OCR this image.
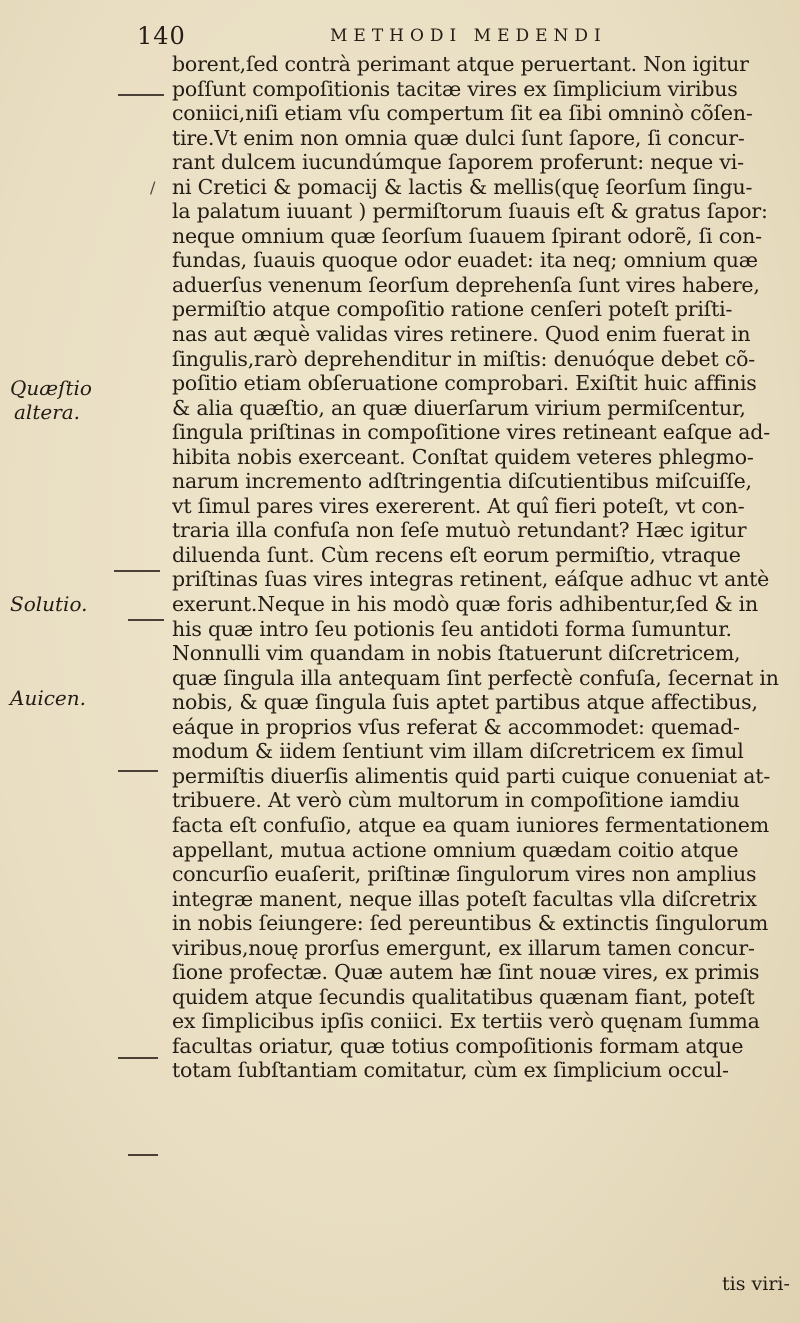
140	METHODI MEDENDI
borent,ſed contrà perimant atque peruertant. Non igitur
poſſunt compoſitionis tacitæ vires ex ſimplicium viribus
coniici,niſi etiam vſu compertum ſit ea ſibi omninò cõſen-
tire.Vt enim non omnia quæ dulci ſunt ſapore, ſi concur-
rant dulcem iucundúmque ſaporem proferunt: neque vi-
ni Cretici & pomacij & lactis & mellis(quę ſeorſum ſingu-
la palatum iuuant ) permiſtorum ſuauis eſt & gratus ſapor:
neque omnium quæ ſeorſum ſuauem ſpirant odorẽ, ſi con-
fundas, ſuauis quoque odor euadet: ita neq; omnium quæ
aduerſus venenum ſeorſum deprehenſa ſunt vires habere,
permiſtio atque compoſitio ratione cenſeri poteſt priſti-
nas aut æquè validas vires retinere. Quod enim fuerat in
ſingulis,rarò deprehenditur in miſtis: denuóque debet cõ-
poſitio etiam obſeruatione comprobari. Exiſtit huic affinis
& alia quæſtio, an quæ diuerſarum virium permiſcentur,
ſingula priſtinas in compoſitione vires retineant eaſque ad-
hibita nobis exerceant. Conſtat quidem veteres phlegmo-
narum incremento adſtringentia diſcutientibus miſcuiſſe,
vt ſimul pares vires exererent. At quî fieri poteſt, vt con-
traria illa confuſa non ſeſe mutuò retundant? Hæc igitur
diluenda ſunt. Cùm recens eſt eorum permiſtio, vtraque
priſtinas ſuas vires integras retinent, eáſque adhuc vt antè
exerunt.Neque in his modò quæ foris adhibentur,ſed & in
his quæ intro ſeu potionis ſeu antidoti forma ſumuntur.
Nonnulli vim quandam in nobis ſtatuerunt diſcretricem,
quæ ſingula illa antequam ſint perfectè confuſa, ſecernat in
nobis, & quæ ſingula ſuis aptet partibus atque affectibus,
eáque in proprios vſus referat & accommodet: quemad-
modum & iidem ſentiunt vim illam diſcretricem ex ſimul
permiſtis diuerſis alimentis quid parti cuique conueniat at-
tribuere. At verò cùm multorum in compoſitione iamdiu
facta eſt confuſio, atque ea quam iuniores fermentationem
appellant, mutua actione omnium quædam coitio atque
concurſio euaſerit, priſtinæ ſingulorum vires non amplius
integræ manent, neque illas poteſt facultas vlla diſcretrix
in nobis ſeiungere: ſed pereuntibus & extinctis ſingulorum
viribus,nouę prorſus emergunt, ex illarum tamen concur-
ſione profectæ. Quæ autem hæ ſint nouæ vires, ex primis
quidem atque ſecundis qualitatibus quænam fiant, poteſt
ex ſimplicibus ipſis coniici. Ex tertiis verò quęnam ſumma
facultas oriatur, quæ totius compoſitionis formam atque
totam ſubſtantiam comitatur, cùm ex ſimplicium occul-
Quæſtio
altera.
Solutio.
Auicen.
/
tis viri-
